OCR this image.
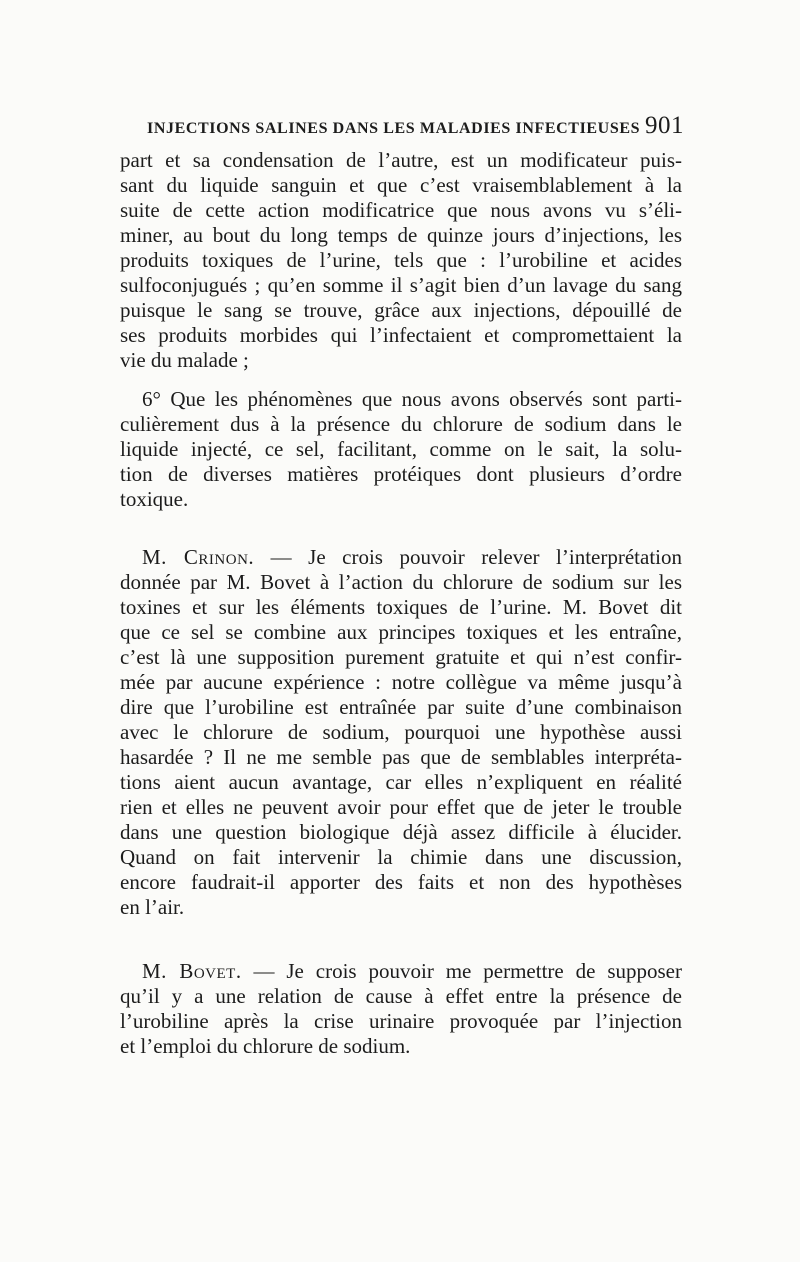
INJECTIONS SALINES DANS LES MALADIES INFECTIEUSES 901
part et sa condensation de l’autre, est un modificateur puis-
sant du liquide sanguin et que c’est vraisemblablement à la
suite de cette action modificatrice que nous avons vu s’éli-
miner, au bout du long temps de quinze jours d’injections, les
produits toxiques de l’urine, tels que : l’urobiline et acides
sulfoconjugués ; qu’en somme il s’agit bien d’un lavage du sang
puisque le sang se trouve, grâce aux injections, dépouillé de
ses produits morbides qui l’infectaient et compromettaient la
vie du malade ;
6° Que les phénomènes que nous avons observés sont parti-
culièrement dus à la présence du chlorure de sodium dans le
liquide injecté, ce sel, facilitant, comme on le sait, la solu-
tion de diverses matières protéiques dont plusieurs d’ordre
toxique.
M. Crinon. — Je crois pouvoir relever l’interprétation
donnée par M. Bovet à l’action du chlorure de sodium sur les
toxines et sur les éléments toxiques de l’urine. M. Bovet dit
que ce sel se combine aux principes toxiques et les entraîne,
c’est là une supposition purement gratuite et qui n’est confir-
mée par aucune expérience : notre collègue va même jusqu’à
dire que l’urobiline est entraînée par suite d’une combinaison
avec le chlorure de sodium, pourquoi une hypothèse aussi
hasardée ? Il ne me semble pas que de semblables interpréta-
tions aient aucun avantage, car elles n’expliquent en réalité
rien et elles ne peuvent avoir pour effet que de jeter le trouble
dans une question biologique déjà assez difficile à élucider.
Quand on fait intervenir la chimie dans une discussion,
encore faudrait-il apporter des faits et non des hypothèses
en l’air.
M. Bovet. — Je crois pouvoir me permettre de supposer
qu’il y a une relation de cause à effet entre la présence de
l’urobiline après la crise urinaire provoquée par l’injection
et l’emploi du chlorure de sodium.
